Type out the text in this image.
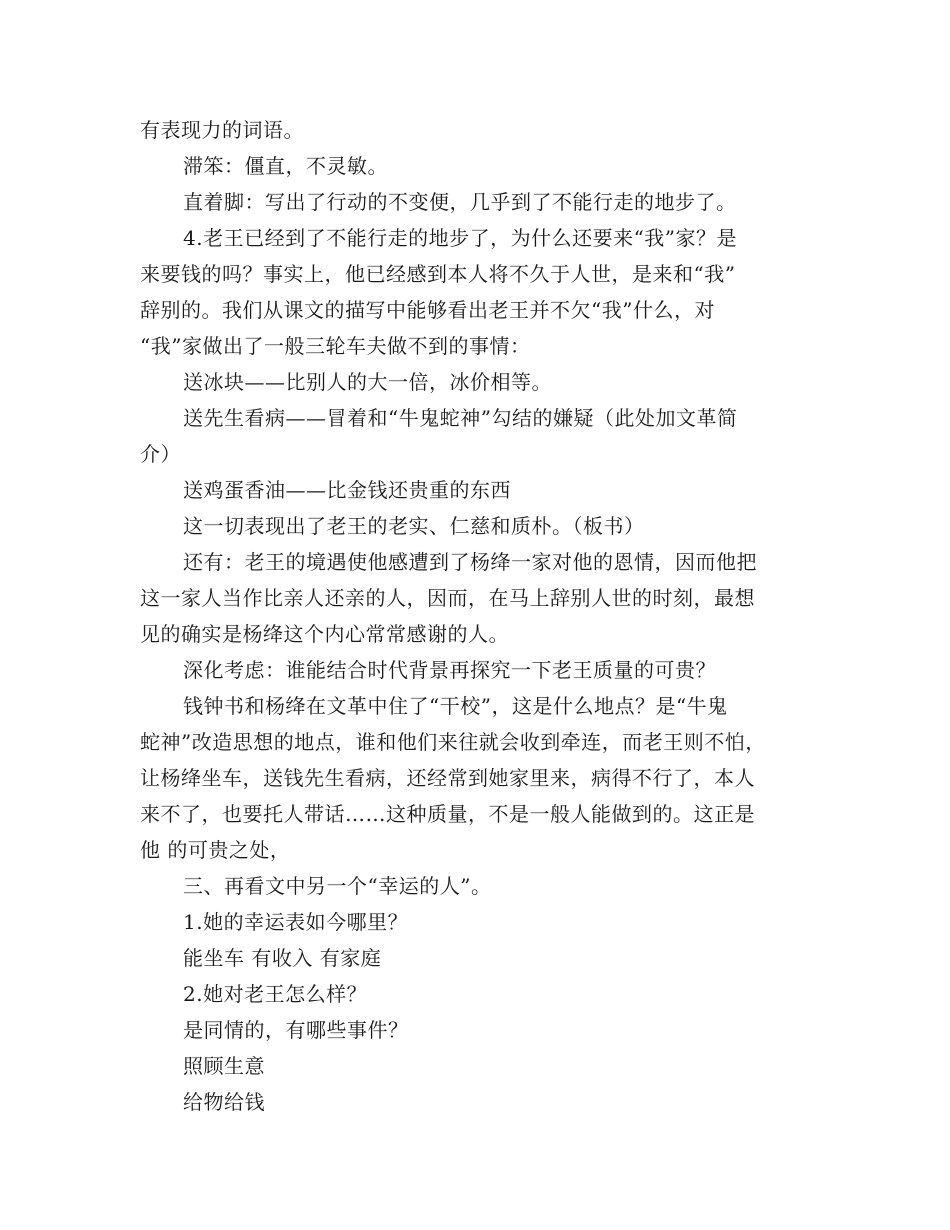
有表现力的词语。
滞笨：僵直，不灵敏。
直着脚：写出了行动的不变便，几乎到了不能行走的地步了。
4.老王已经到了不能行走的地步了，为什么还要来“我”家？是
来要钱的吗？事实上，他已经感到本人将不久于人世，是来和“我”
辞别的。我们从课文的描写中能够看出老王并不欠“我”什么，对
“我”家做出了一般三轮车夫做不到的事情：
送冰块——比别人的大一倍，冰价相等。
送先生看病——冒着和“牛鬼蛇神”勾结的嫌疑（此处加文革简
介）
送鸡蛋香油——比金钱还贵重的东西
这一切表现出了老王的老实、仁慈和质朴。（板书）
还有：老王的境遇使他感遭到了杨绛一家对他的恩情，因而他把
这一家人当作比亲人还亲的人，因而，在马上辞别人世的时刻，最想
见的确实是杨绛这个内心常常感谢的人。
深化考虑：谁能结合时代背景再探究一下老王质量的可贵？
钱钟书和杨绛在文革中住了“干校”，这是什么地点？是“牛鬼
蛇神”改造思想的地点，谁和他们来往就会收到牵连，而老王则不怕，
让杨绛坐车，送钱先生看病，还经常到她家里来，病得不行了，本人
来不了，也要托人带话……这种质量，不是一般人能做到的。这正是
他 的可贵之处，
三、再看文中另一个“幸运的人”。
1.她的幸运表如今哪里？
能坐车 有收入 有家庭
2.她对老王怎么样？
是同情的，有哪些事件？
照顾生意
给物给钱
